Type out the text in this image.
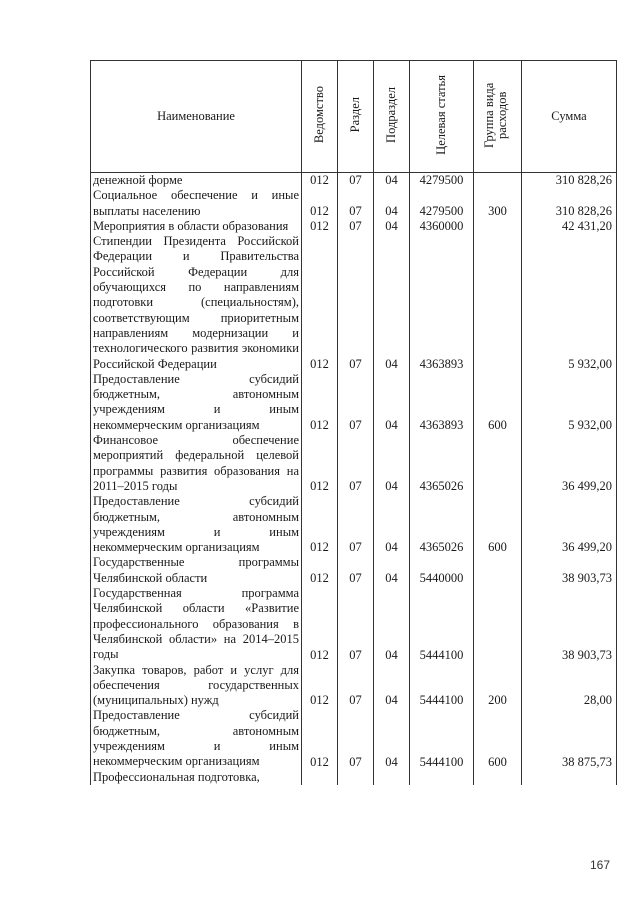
Наименование	Ведомство	Раздел	Подраздел	Целевая статья	Группа вида расходов	Сумма
денежной форме	012	07	04	4279500		310 828,26
Социальное обеспечение и иные выплаты населению	012	07	04	4279500	300	310 828,26
Мероприятия в области образования	012	07	04	4360000		42 431,20
Стипендии Президента Российской Федерации и Правительства Российской Федерации для обучающихся по направлениям подготовки (специальностям), соответствующим приоритетным направлениям модернизации и технологического развития экономики Российской Федерации	012	07	04	4363893		5 932,00
Предоставление субсидий бюджетным, автономным учреждениям и иным некоммерческим организациям	012	07	04	4363893	600	5 932,00
Финансовое обеспечение мероприятий федеральной целевой программы развития образования на 2011–2015 годы	012	07	04	4365026		36 499,20
Предоставление субсидий бюджетным, автономным учреждениям и иным некоммерческим организациям	012	07	04	4365026	600	36 499,20
Государственные программы Челябинской области	012	07	04	5440000		38 903,73
Государственная программа Челябинской области «Развитие профессионального образования в Челябинской области» на 2014–2015 годы	012	07	04	5444100		38 903,73
Закупка товаров, работ и услуг для обеспечения государственных (муниципальных) нужд	012	07	04	5444100	200	28,00
Предоставление субсидий бюджетным, автономным учреждениям и иным некоммерческим организациям	012	07	04	5444100	600	38 875,73
Профессиональная подготовка,						
167
